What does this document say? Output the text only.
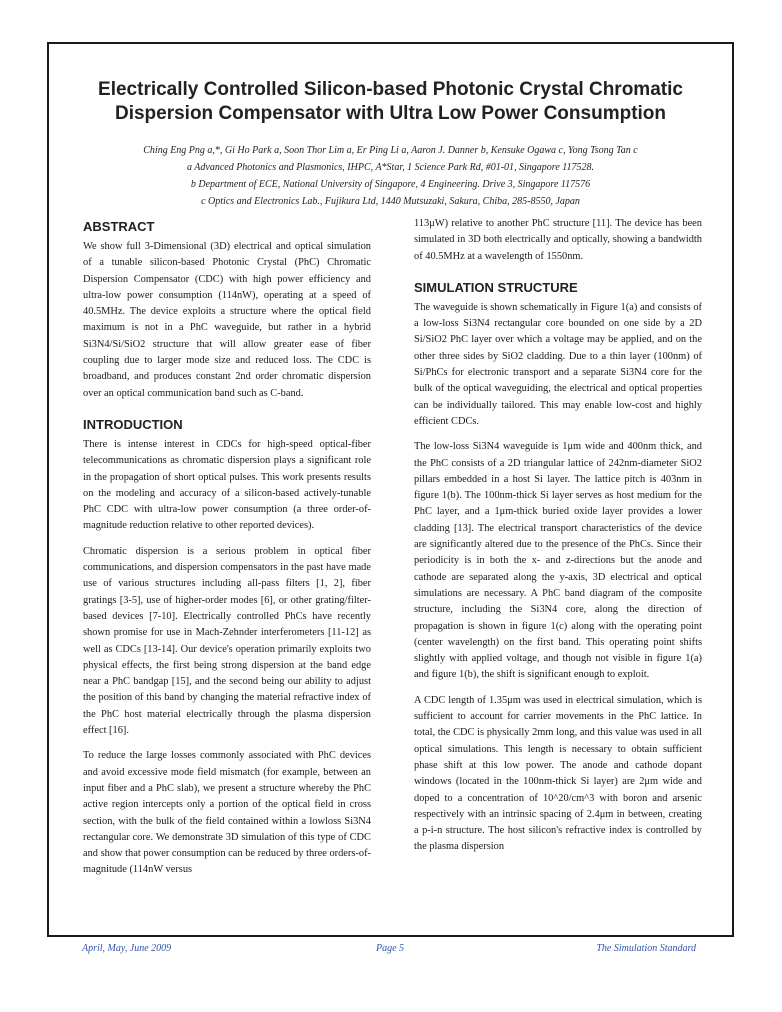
Electrically Controlled Silicon-based Photonic Crystal Chromatic
Dispersion Compensator with Ultra Low Power Consumption
Ching Eng Png a,*, Gi Ho Park a, Soon Thor Lim a, Er Ping Li a, Aaron J. Danner b, Kensuke Ogawa c, Yong Tsong Tan c
a Advanced Photonics and Plasmonics, IHPC, A*Star, 1 Science Park Rd, #01-01, Singapore 117528.
b Department of ECE, National University of Singapore, 4 Engineering. Drive 3, Singapore 117576
c Optics and Electronics Lab., Fujikura Ltd, 1440 Mutsuzaki, Sakura, Chiba, 285-8550, Japan
ABSTRACT

We show full 3-Dimensional (3D) electrical and optical simulation of a tunable silicon-based Photonic Crystal (PhC) Chromatic Dispersion Compensator (CDC) with high power efficiency and ultra-low power consumption (114nW), operating at a speed of 40.5MHz. The device exploits a structure where the optical field maximum is not in a PhC waveguide, but rather in a hybrid Si3N4/Si/SiO2 structure that will allow greater ease of fiber coupling due to larger mode size and reduced loss. The CDC is broadband, and produces constant 2nd order chromatic dispersion over an optical communication band such as C-band.

INTRODUCTION

There is intense interest in CDCs for high-speed optical-fiber telecommunications as chromatic dispersion plays a significant role in the propagation of short optical pulses. This work presents results on the modeling and accuracy of a silicon-based actively-tunable PhC CDC with ultra-low power consumption (a three order-of-magnitude reduction relative to other reported devices).

Chromatic dispersion is a serious problem in optical fiber communications, and dispersion compensators in the past have made use of various structures including all-pass filters [1, 2], fiber gratings [3-5], use of higher-order modes [6], or other grating/filter-based devices [7-10]. Electrically controlled PhCs have recently shown promise for use in Mach-Zehnder interferometers [11-12] as well as CDCs [13-14]. Our device's operation primarily exploits two physical effects, the first being strong dispersion at the band edge near a PhC bandgap [15], and the second being our ability to adjust the position of this band by changing the material refractive index of the PhC host material electrically through the plasma dispersion effect [16].

To reduce the large losses commonly associated with PhC devices and avoid excessive mode field mismatch (for example, between an input fiber and a PhC slab), we present a structure whereby the PhC active region intercepts only a portion of the optical field in cross section, with the bulk of the field contained within a lowloss Si3N4 rectangular core. We demonstrate 3D simulation of this type of CDC and show that power consumption can be reduced by three orders-of-magnitude (114nW versus

113μW) relative to another PhC structure [11]. The device has been simulated in 3D both electrically and optically, showing a bandwidth of 40.5MHz at a wavelength of 1550nm.

SIMULATION STRUCTURE

The waveguide is shown schematically in Figure 1(a) and consists of a low-loss Si3N4 rectangular core bounded on one side by a 2D Si/SiO2 PhC layer over which a voltage may be applied, and on the other three sides by SiO2 cladding. Due to a thin layer (100nm) of Si/PhCs for electronic transport and a separate Si3N4 core for the bulk of the optical waveguiding, the electrical and optical properties can be individually tailored. This may enable low-cost and highly efficient CDCs.

The low-loss Si3N4 waveguide is 1μm wide and 400nm thick, and the PhC consists of a 2D triangular lattice of 242nm-diameter SiO2 pillars embedded in a host Si layer. The lattice pitch is 403nm in figure 1(b). The 100nm-thick Si layer serves as host medium for the PhC layer, and a 1μm-thick buried oxide layer provides a lower cladding [13]. The electrical transport characteristics of the device are significantly altered due to the presence of the PhCs. Since their periodicity is in both the x- and z-directions but the anode and cathode are separated along the y-axis, 3D electrical and optical simulations are necessary. A PhC band diagram of the composite structure, including the Si3N4 core, along the direction of propagation is shown in figure 1(c) along with the operating point (center wavelength) on the first band. This operating point shifts slightly with applied voltage, and though not visible in figure 1(a) and figure 1(b), the shift is significant enough to exploit.

A CDC length of 1.35μm was used in electrical simulation, which is sufficient to account for carrier movements in the PhC lattice. In total, the CDC is physically 2mm long, and this value was used in all optical simulations. This length is necessary to obtain sufficient phase shift at this low power. The anode and cathode dopant windows (located in the 100nm-thick Si layer) are 2μm wide and doped to a concentration of 10^20/cm^3 with boron and arsenic respectively with an intrinsic spacing of 2.4μm in between, creating a p-i-n structure. The host silicon's refractive index is controlled by the plasma dispersion

April, May, June 2009	Page 5	The Simulation Standard
